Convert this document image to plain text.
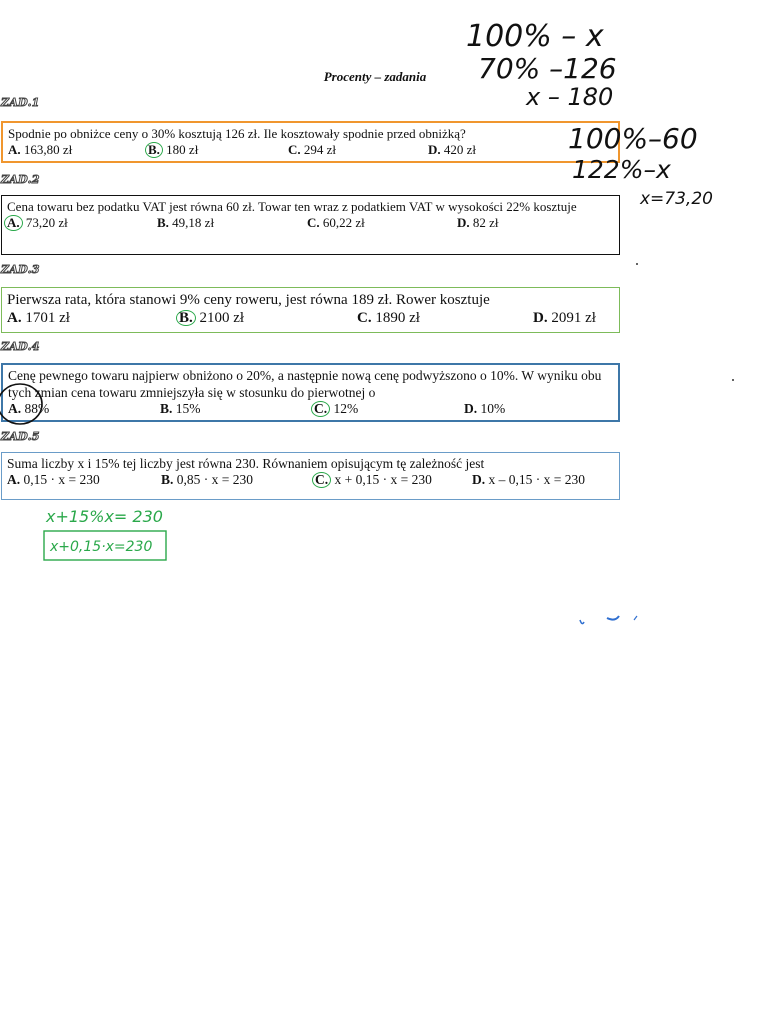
Procenty – zadania
ZAD.1
Spodnie po obniżce ceny o 30% kosztują 126 zł. Ile kosztowały spodnie przed obniżką?
A. 163,80 zł	B. 180 zł	C. 294 zł	D. 420 zł
ZAD.2
Cena towaru bez podatku VAT jest równa 60 zł. Towar ten wraz z podatkiem VAT w wysokości 22% kosztuje
A. 73,20 zł	B. 49,18 zł	C. 60,22 zł	D. 82 zł
ZAD.3
Pierwsza rata, która stanowi 9% ceny roweru, jest równa 189 zł. Rower kosztuje
A. 1701 zł	B. 2100 zł	C. 1890 zł	D. 2091 zł
ZAD.4
Cenę pewnego towaru najpierw obniżono o 20%, a następnie nową cenę podwyższono o 10%. W wyniku obu tych zmian cena towaru zmniejszyła się w stosunku do pierwotnej o
A. 88%	B. 15%	C. 12%	D. 10%
ZAD.5
Suma liczby x i 15% tej liczby jest równa 230. Równaniem opisującym tę zależność jest
A. 0,15 · x = 230	B. 0,85 · x = 230	C. x + 0,15 · x = 230	D. x – 0,15 · x = 230
100% – x
70% –126
x – 180
100%–60
122%–x
x=73,20
x+15%x= 230
x+0,15·x=230
